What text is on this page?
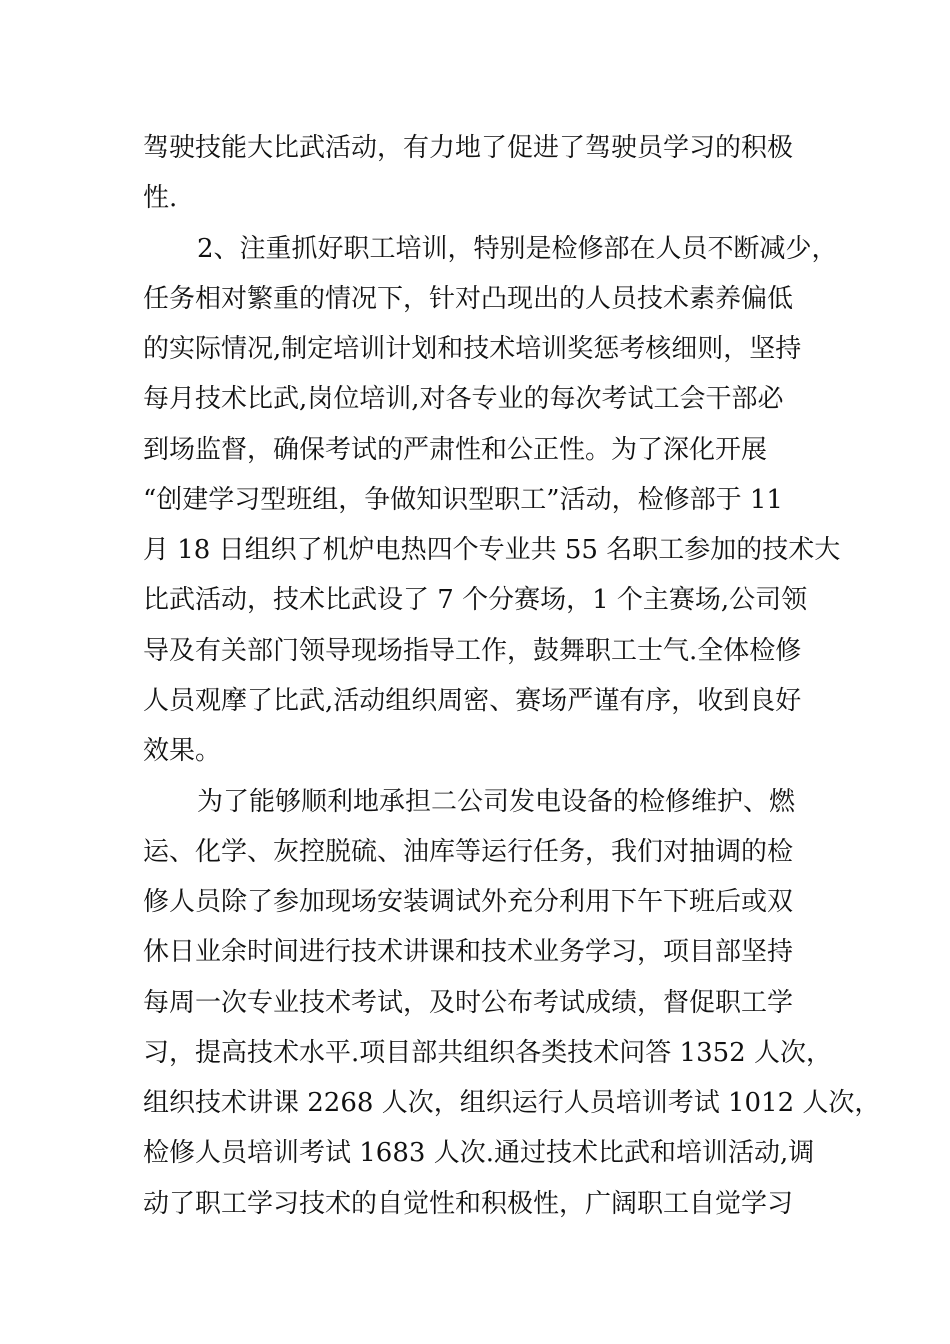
驾驶技能大比武活动，有力地了促进了驾驶员学习的积极
性.
2、注重抓好职工培训，特别是检修部在人员不断减少，
任务相对繁重的情况下，针对凸现出的人员技术素养偏低
的实际情况,制定培训计划和技术培训奖惩考核细则，坚持
每月技术比武,岗位培训,对各专业的每次考试工会干部必
到场监督，确保考试的严肃性和公正性。为了深化开展
“创建学习型班组，争做知识型职工”活动，检修部于 11
月 18 日组织了机炉电热四个专业共 55 名职工参加的技术大
比武活动，技术比武设了 7 个分赛场，1 个主赛场,公司领
导及有关部门领导现场指导工作，鼓舞职工士气.全体检修
人员观摩了比武,活动组织周密、赛场严谨有序，收到良好
效果。
为了能够顺利地承担二公司发电设备的检修维护、燃
运、化学、灰控脱硫、油库等运行任务，我们对抽调的检
修人员除了参加现场安装调试外充分利用下午下班后或双
休日业余时间进行技术讲课和技术业务学习，项目部坚持
每周一次专业技术考试，及时公布考试成绩，督促职工学
习，提高技术水平.项目部共组织各类技术问答 1352 人次，
组织技术讲课 2268 人次，组织运行人员培训考试 1012 人次，
检修人员培训考试 1683 人次.通过技术比武和培训活动,调
动了职工学习技术的自觉性和积极性，广阔职工自觉学习
